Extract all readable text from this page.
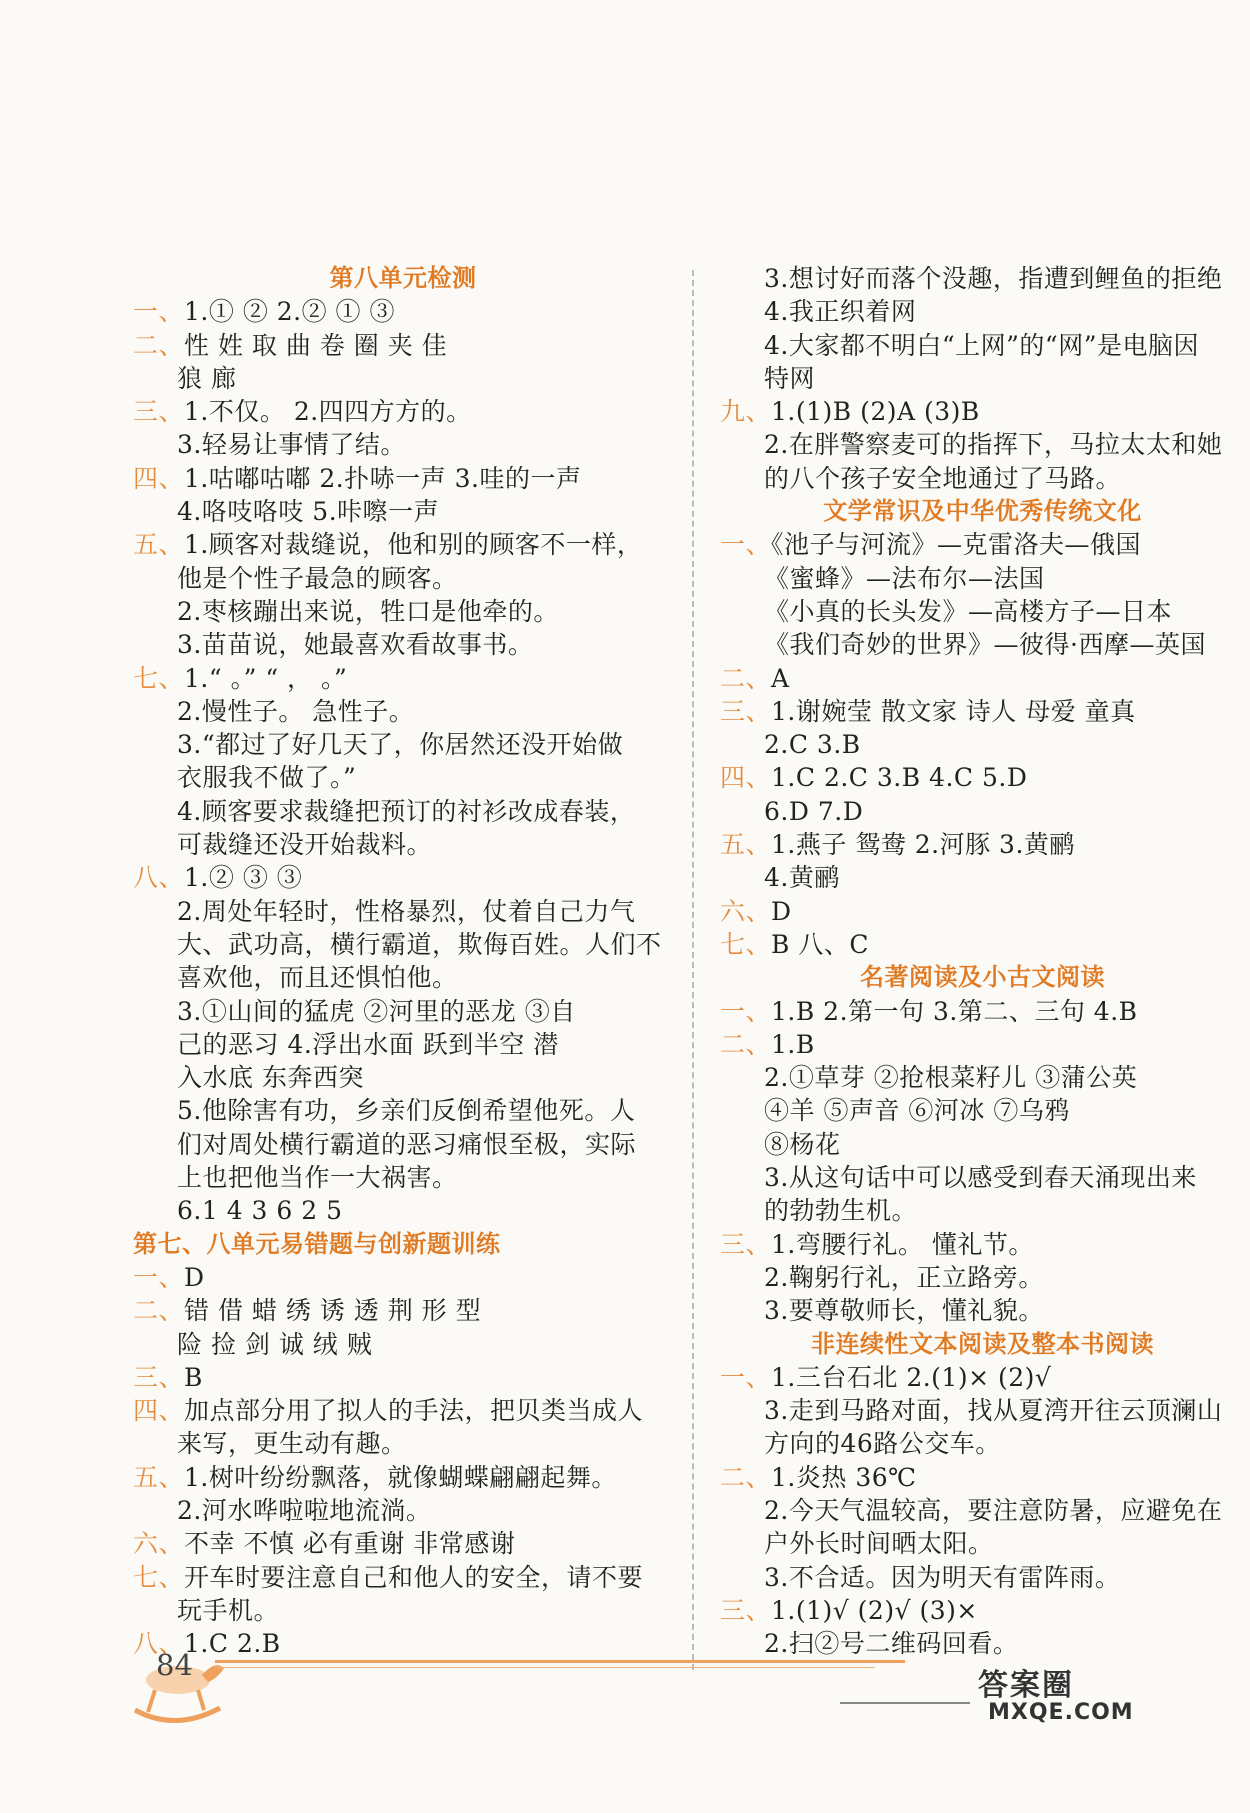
第八单元检测
一、1.① ② 2.② ① ③
二、性 姓 取 曲 卷 圈 夹 佳
狼 廊
三、1.不仅。 2.四四方方的。
3.轻易让事情了结。
四、1.咕嘟咕嘟 2.扑哧一声 3.哇的一声
4.咯吱咯吱 5.咔嚓一声
五、1.顾客对裁缝说，他和别的顾客不一样，
他是个性子最急的顾客。
2.枣核蹦出来说，牲口是他牵的。
3.苗苗说，她最喜欢看故事书。
七、1.“ 。” “ ， 。”
2.慢性子。 急性子。
3.“都过了好几天了，你居然还没开始做
衣服我不做了。”
4.顾客要求裁缝把预订的衬衫改成春装，
可裁缝还没开始裁料。
八、1.② ③ ③
2.周处年轻时，性格暴烈，仗着自己力气
大、武功高，横行霸道，欺侮百姓。人们不
喜欢他，而且还惧怕他。
3.①山间的猛虎 ②河里的恶龙 ③自
己的恶习 4.浮出水面 跃到半空 潜
入水底 东奔西突
5.他除害有功，乡亲们反倒希望他死。人
们对周处横行霸道的恶习痛恨至极，实际
上也把他当作一大祸害。
6.1 4 3 6 2 5
第七、八单元易错题与创新题训练
一、D
二、错 借 蜡 绣 诱 透 荆 形 型
险 捡 剑 诚 绒 贼
三、B
四、加点部分用了拟人的手法，把贝类当成人
来写，更生动有趣。
五、1.树叶纷纷飘落，就像蝴蝶翩翩起舞。
2.河水哗啦啦地流淌。
六、不幸 不慎 必有重谢 非常感谢
七、开车时要注意自己和他人的安全，请不要
玩手机。
八、1.C 2.B
3.想讨好而落个没趣，指遭到鲤鱼的拒绝
4.我正织着网
4.大家都不明白“上网”的“网”是电脑因
特网
九、1.(1)B (2)A (3)B
2.在胖警察麦可的指挥下，马拉太太和她
的八个孩子安全地通过了马路。
文学常识及中华优秀传统文化
一、《池子与河流》—克雷洛夫—俄国
《蜜蜂》—法布尔—法国
《小真的长头发》—高楼方子—日本
《我们奇妙的世界》—彼得·西摩—英国
二、A
三、1.谢婉莹 散文家 诗人 母爱 童真
2.C 3.B
四、1.C 2.C 3.B 4.C 5.D
6.D 7.D
五、1.燕子 鸳鸯 2.河豚 3.黄鹂
4.黄鹂
六、D
七、B 八、C
名著阅读及小古文阅读
一、1.B 2.第一句 3.第二、三句 4.B
二、1.B
2.①草芽 ②抢根菜籽儿 ③蒲公英
④羊 ⑤声音 ⑥河冰 ⑦乌鸦
⑧杨花
3.从这句话中可以感受到春天涌现出来
的勃勃生机。
三、1.弯腰行礼。 懂礼节。
2.鞠躬行礼，正立路旁。
3.要尊敬师长，懂礼貌。
非连续性文本阅读及整本书阅读
一、1.三台石北 2.(1)× (2)√
3.走到马路对面，找从夏湾开往云顶澜山
方向的46路公交车。
二、1.炎热 36℃
2.今天气温较高，要注意防暑，应避免在
户外长时间晒太阳。
3.不合适。因为明天有雷阵雨。
三、1.(1)√ (2)√ (3)×
2.扫②号二维码回看。
84
答案圈
MXQE.COM
